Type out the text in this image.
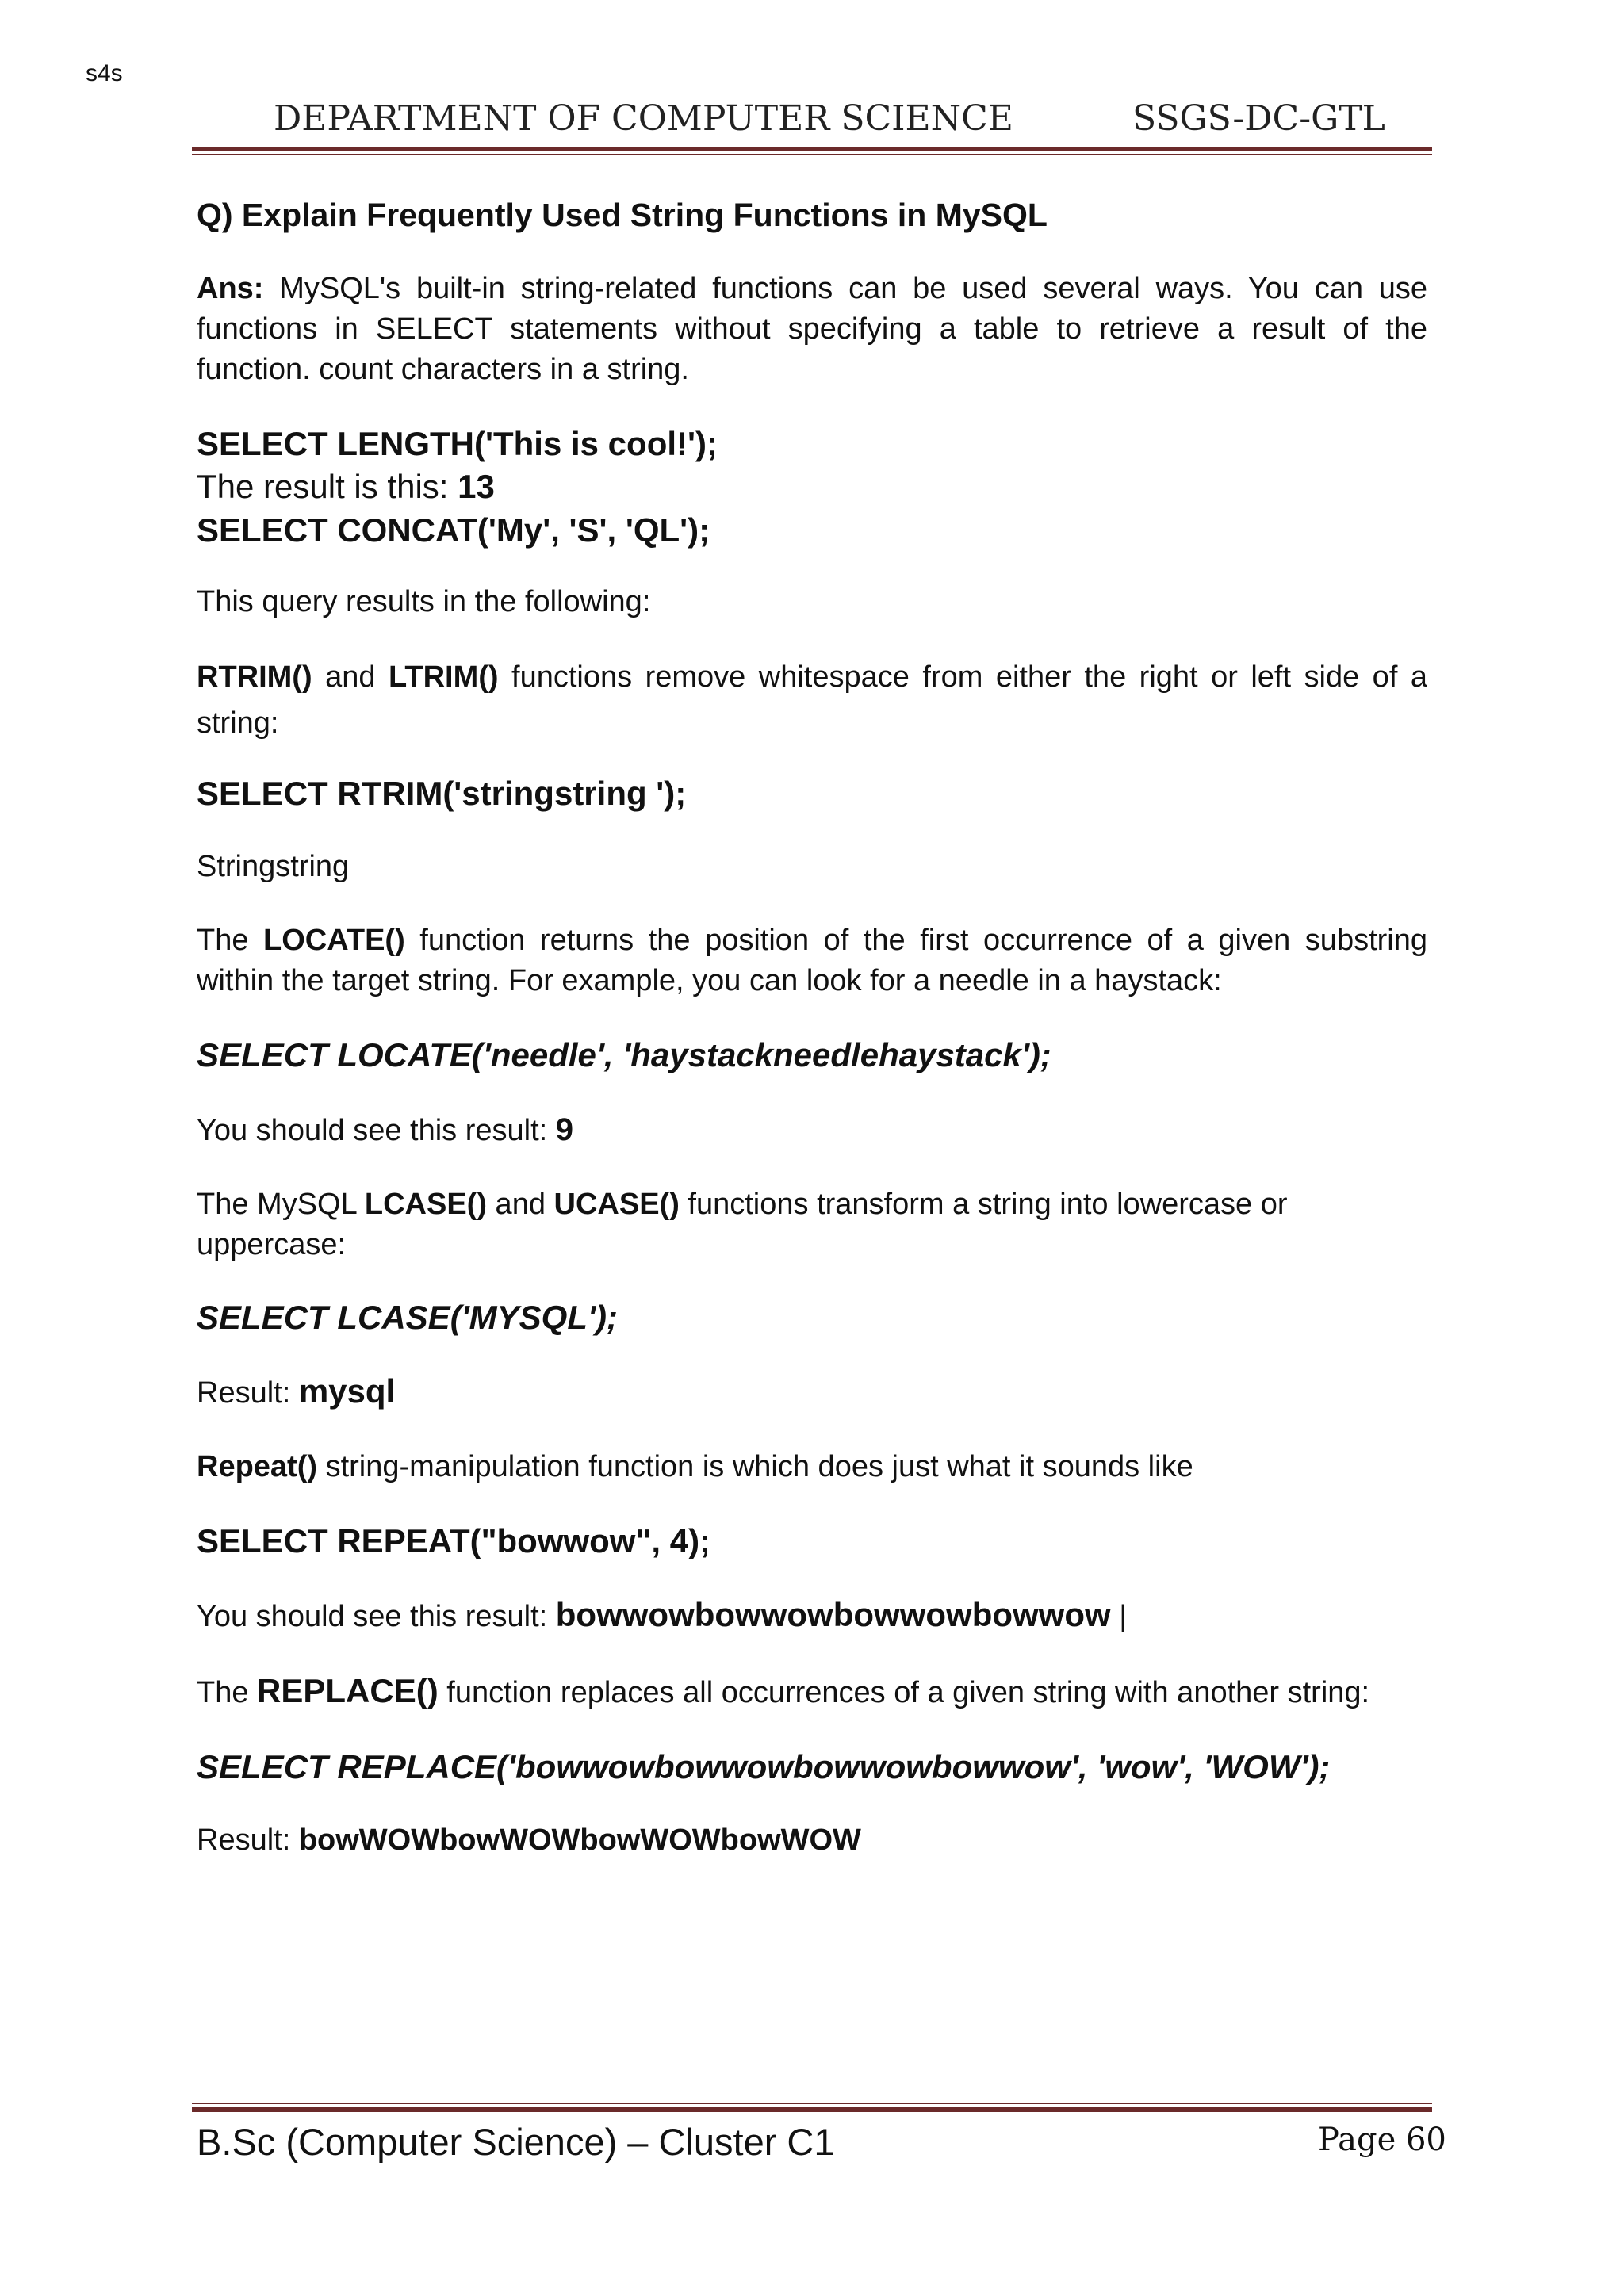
s4s
DEPARTMENT OF COMPUTER SCIENCE	SSGS-DC-GTL

Q) Explain Frequently Used String Functions in MySQL

Ans: MySQL's built-in string-related functions can be used several ways. You can use functions in SELECT statements without specifying a table to retrieve a result of the function. count characters in a string.

SELECT LENGTH('This is cool!');

The result is this: 13

SELECT CONCAT('My', 'S', 'QL');

This query results in the following:

RTRIM() and LTRIM() functions remove whitespace from either the right or left side of a string:

SELECT RTRIM('stringstring ');

Stringstring

The LOCATE() function returns the position of the first occurrence of a given substring within the target string. For example, you can look for a needle in a haystack:

SELECT LOCATE('needle', 'haystackneedlehaystack');

You should see this result: 9

The MySQL LCASE() and UCASE() functions transform a string into lowercase or uppercase:

SELECT LCASE('MYSQL');

Result: mysql

Repeat() string-manipulation function is which does just what it sounds like

SELECT REPEAT("bowwow", 4);

You should see this result: bowwowbowwowbowwowbowwow |

The REPLACE() function replaces all occurrences of a given string with another string:

SELECT REPLACE('bowwowbowwowbowwowbowwow', 'wow', 'WOW');

Result: bowWOWbowWOWbowWOWbowWOW

B.Sc (Computer Science) – Cluster C1	Page 60
